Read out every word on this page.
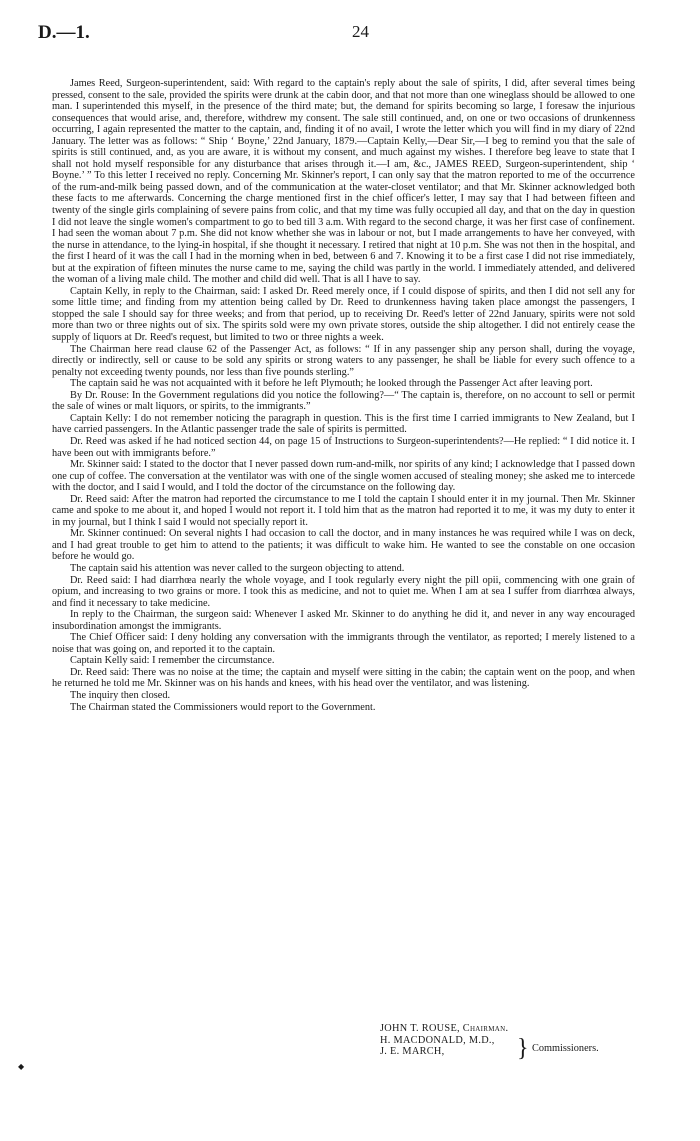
D.—1.	24

James Reed, Surgeon-superintendent, said: With regard to the captain's reply about the sale of spirits, I did, after several times being pressed, consent to the sale, provided the spirits were drunk at the cabin door, and that not more than one wineglass should be allowed to one man. I superintended this myself, in the presence of the third mate; but, the demand for spirits becoming so large, I foresaw the injurious consequences that would arise, and, therefore, withdrew my consent. The sale still continued, and, on one or two occasions of drunkenness occurring, I again represented the matter to the captain, and, finding it of no avail, I wrote the letter which you will find in my diary of 22nd January. The letter was as follows: “ Ship ‘ Boyne,’ 22nd January, 1879.—Captain Kelly,—Dear Sir,—I beg to remind you that the sale of spirits is still continued, and, as you are aware, it is without my consent, and much against my wishes. I therefore beg leave to state that I shall not hold myself responsible for any disturbance that arises through it.—I am, &c., JAMES REED, Surgeon-superintendent, ship ‘ Boyne.’ ” To this letter I received no reply. Concerning Mr. Skinner's report, I can only say that the matron reported to me of the occurrence of the rum-and-milk being passed down, and of the communication at the water-closet ventilator; and that Mr. Skinner acknowledged both these facts to me afterwards. Concerning the charge mentioned first in the chief officer's letter, I may say that I had between fifteen and twenty of the single girls complaining of severe pains from colic, and that my time was fully occupied all day, and that on the day in question I did not leave the single women's compartment to go to bed till 3 a.m. With regard to the second charge, it was her first case of confinement. I had seen the woman about 7 p.m. She did not know whether she was in labour or not, but I made arrangements to have her conveyed, with the nurse in attendance, to the lying-in hospital, if she thought it necessary. I retired that night at 10 p.m. She was not then in the hospital, and the first I heard of it was the call I had in the morning when in bed, between 6 and 7. Knowing it to be a first case I did not rise immediately, but at the expiration of fifteen minutes the nurse came to me, saying the child was partly in the world. I immediately attended, and delivered the woman of a living male child. The mother and child did well. That is all I have to say.

Captain Kelly, in reply to the Chairman, said: I asked Dr. Reed merely once, if I could dispose of spirits, and then I did not sell any for some little time; and finding from my attention being called by Dr. Reed to drunkenness having taken place amongst the passengers, I stopped the sale I should say for three weeks; and from that period, up to receiving Dr. Reed's letter of 22nd January, spirits were not sold more than two or three nights out of six. The spirits sold were my own private stores, outside the ship altogether. I did not entirely cease the supply of liquors at Dr. Reed's request, but limited to two or three nights a week.

The Chairman here read clause 62 of the Passenger Act, as follows: “ If in any passenger ship any person shall, during the voyage, directly or indirectly, sell or cause to be sold any spirits or strong waters to any passenger, he shall be liable for every such offence to a penalty not exceeding twenty pounds, nor less than five pounds sterling.”

The captain said he was not acquainted with it before he left Plymouth; he looked through the Passenger Act after leaving port.

By Dr. Rouse: In the Government regulations did you notice the following?—“ The captain is, therefore, on no account to sell or permit the sale of wines or malt liquors, or spirits, to the immigrants.”

Captain Kelly: I do not remember noticing the paragraph in question. This is the first time I carried immigrants to New Zealand, but I have carried passengers. In the Atlantic passenger trade the sale of spirits is permitted.

Dr. Reed was asked if he had noticed section 44, on page 15 of Instructions to Surgeon-superintendents?—He replied: “ I did notice it. I have been out with immigrants before.”

Mr. Skinner said: I stated to the doctor that I never passed down rum-and-milk, nor spirits of any kind; I acknowledge that I passed down one cup of coffee. The conversation at the ventilator was with one of the single women accused of stealing money; she asked me to intercede with the doctor, and I said I would, and I told the doctor of the circumstance on the following day.

Dr. Reed said: After the matron had reported the circumstance to me I told the captain I should enter it in my journal. Then Mr. Skinner came and spoke to me about it, and hoped I would not report it. I told him that as the matron had reported it to me, it was my duty to enter it in my journal, but I think I said I would not specially report it.

Mr. Skinner continued: On several nights I had occasion to call the doctor, and in many instances he was required while I was on deck, and I had great trouble to get him to attend to the patients; it was difficult to wake him. He wanted to see the constable on one occasion before he would go.

The captain said his attention was never called to the surgeon objecting to attend.

Dr. Reed said: I had diarrhœa nearly the whole voyage, and I took regularly every night the pill opii, commencing with one grain of opium, and increasing to two grains or more. I took this as medicine, and not to quiet me. When I am at sea I suffer from diarrhœa always, and find it necessary to take medicine.

In reply to the Chairman, the surgeon said: Whenever I asked Mr. Skinner to do anything he did it, and never in any way encouraged insubordination amongst the immigrants.

The Chief Officer said: I deny holding any conversation with the immigrants through the ventilator, as reported; I merely listened to a noise that was going on, and reported it to the captain.

Captain Kelly said: I remember the circumstance.

Dr. Reed said: There was no noise at the time; the captain and myself were sitting in the cabin; the captain went on the poop, and when he returned he told me Mr. Skinner was on his hands and knees, with his head over the ventilator, and was listening.

The inquiry then closed.

The Chairman stated the Commissioners would report to the Government.

JOHN T. ROUSE, Chairman.
H. MACDONALD, M.D.,
J. E. MARCH,	} Commissioners.
◆
